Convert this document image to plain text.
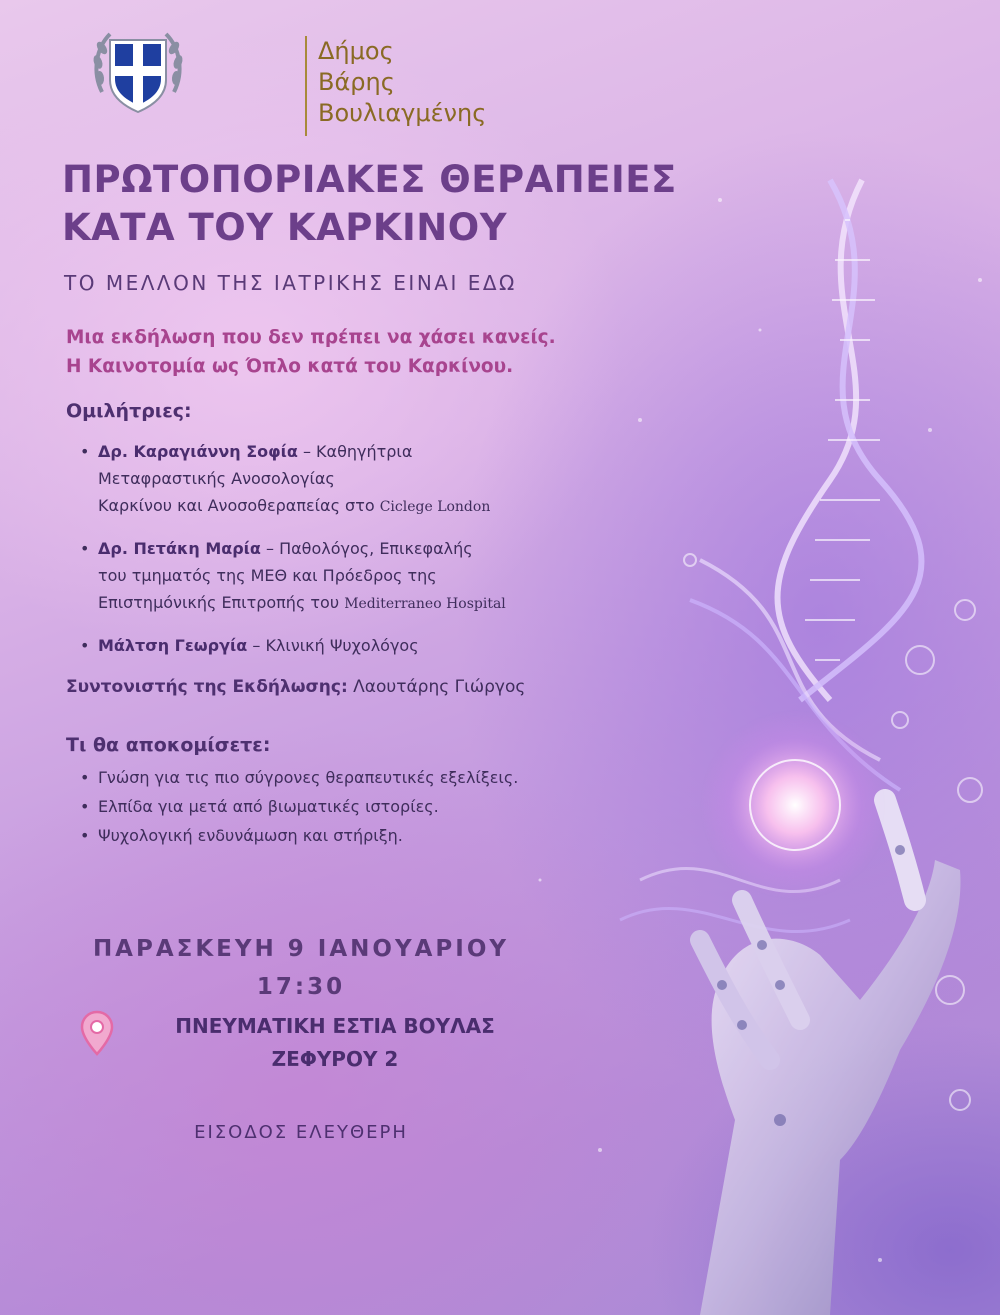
Δήμος
Βάρης
Βουλιαγμένης
ΠΡΩΤΟΠΟΡΙΑΚΕΣ ΘΕΡΑΠΕΙΕΣ
ΚΑΤΑ ΤΟΥ ΚΑΡΚΙΝΟΥ
ΤΟ ΜΕΛΛΟΝ ΤΗΣ ΙΑΤΡΙΚΗΣ ΕΙΝΑΙ ΕΔΩ
Μια εκδήλωση που δεν πρέπει να χάσει κανείς.
Η Καινοτομία ως Όπλο κατά του Καρκίνου.
Ομιλήτριες:
• Δρ. Καραγιάννη Σοφία – Καθηγήτρια
Μεταφραστικής Ανοσολογίας
Καρκίνου και Ανοσοθεραπείας στο Ciclege London
• Δρ. Πετάκη Μαρία – Παθολόγος, Επικεφαλής
του τμηματός της ΜΕΘ και Πρόεδρος της
Επιστημόνικής Επιτροπής του Mediterraneo Hospital
• Μάλτση Γεωργία – Κλινική Ψυχολόγος
Συντονιστής της Εκδήλωσης: Λαουτάρης Γιώργος
Τι θα αποκομίσετε:
• Γνώση για τις πιο σύγρονες θεραπευτικές εξελίξεις.
• Ελπίδα για μετά από βιωματικές ιστορίες.
• Ψυχολογική ενδυνάμωση και στήριξη.
ΠΑΡΑΣΚΕΥΗ 9 ΙΑΝΟΥΑΡΙΟΥ
17:30
ΠΝΕΥΜΑΤΙΚΗ ΕΣΤΙΑ ΒΟΥΛΑΣ
ΖΕΦΥΡΟΥ 2
ΕΙΣΟΔΟΣ ΕΛΕΥΘΕΡΗ
